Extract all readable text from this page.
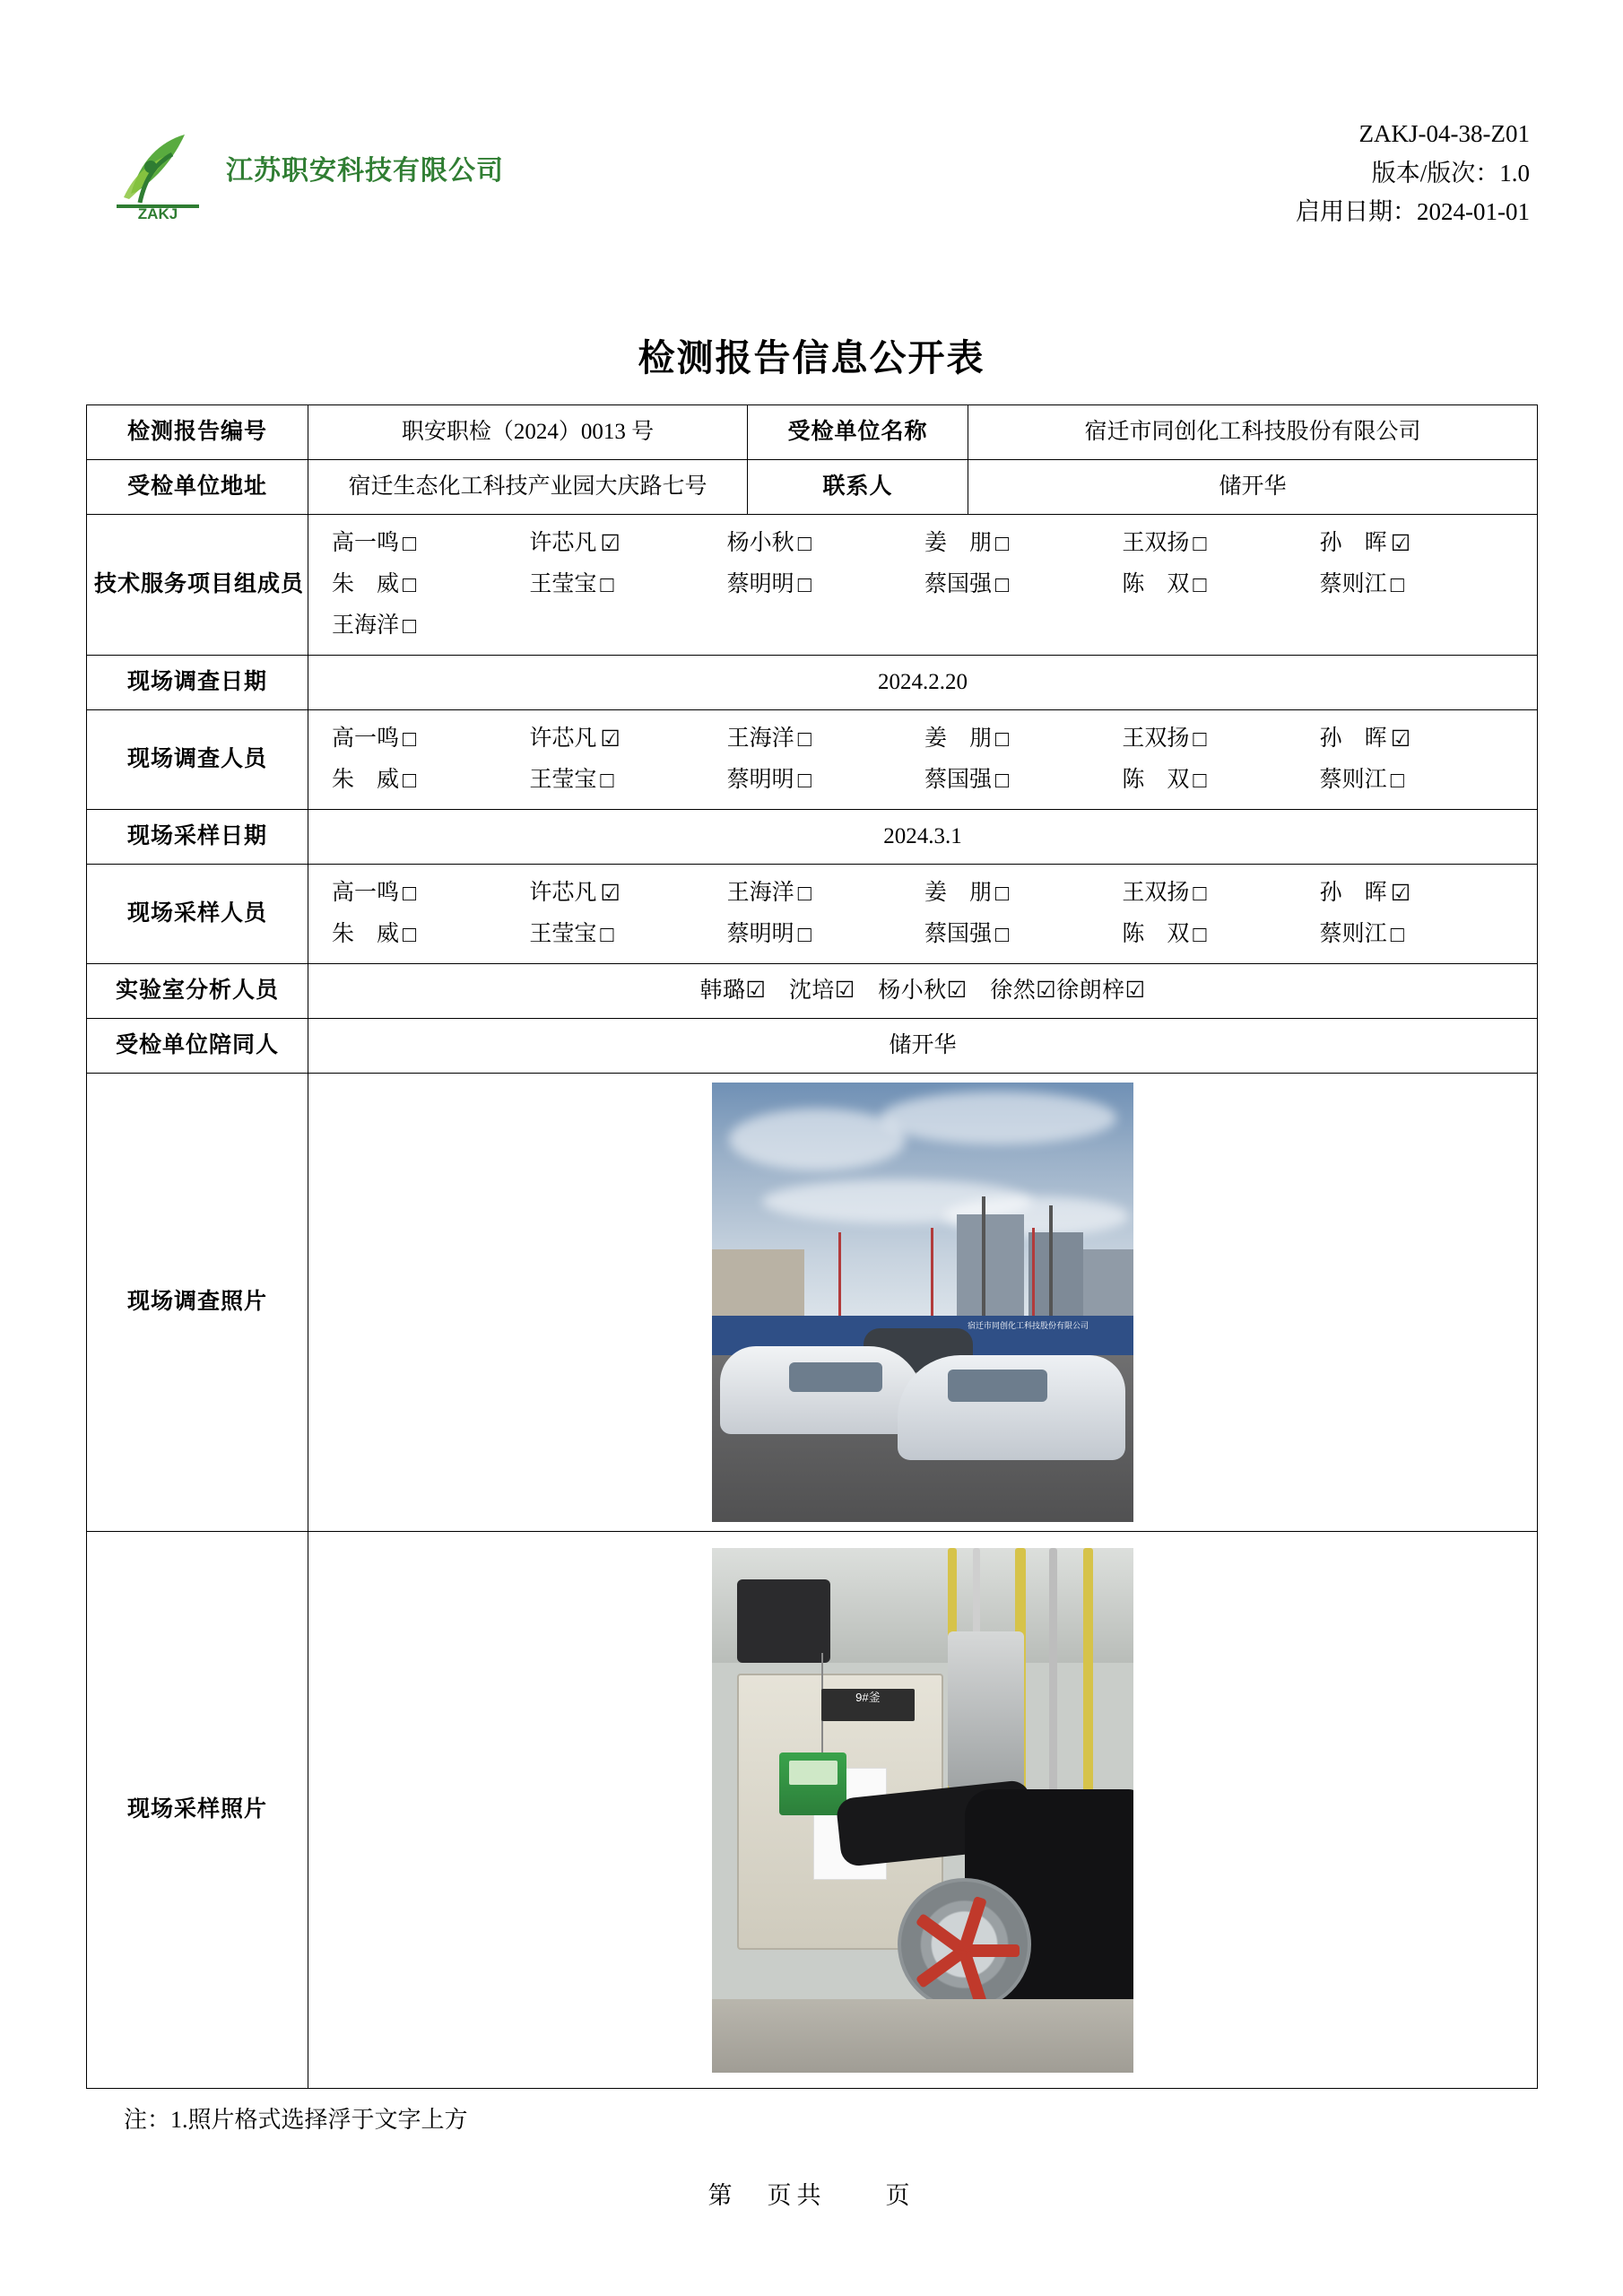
ZAKJ
江苏职安科技有限公司
ZAKJ-04-38-Z01
版本/版次：1.0
启用日期：2024-01-01
检测报告信息公开表
检测报告编号	职安职检（2024）0013 号	受检单位名称	宿迁市同创化工科技股份有限公司
受检单位地址	宿迁生态化工科技产业园大庆路七号	联系人	储开华
技术服务项目组成员	
高一鸣 □	许芯凡 ☑	杨小秋 □	姜　朋 □	王双扬 □	孙　晖 ☑
朱　威 □	王莹宝 □	蔡明明 □	蔡国强 □	陈　双 □	蔡则江 □
王海洋 □

现场调查日期	2024.2.20		
现场调查人员	
高一鸣 □	许芯凡 ☑	王海洋 □	姜　朋 □	王双扬 □	孙　晖 ☑
朱　威 □	王莹宝 □	蔡明明 □	蔡国强 □	陈　双 □	蔡则江 □

现场采样日期	2024.3.1		
现场采样人员	
高一鸣 □	许芯凡 ☑	王海洋 □	姜　朋 □	王双扬 □	孙　晖 ☑
朱　威 □	王莹宝 □	蔡明明 □	蔡国强 □	陈　双 □	蔡则江 □

实验室分析人员	韩璐☑　沈培☑　杨小秋☑　徐然☑徐朗梓☑		
受检单位陪同人	储开华		
现场调查照片	宿迁市同创化工科技股份有限公司		

现场采样照片	9#釜		
注：1.照片格式选择浮于文字上方
第　页共　　页
